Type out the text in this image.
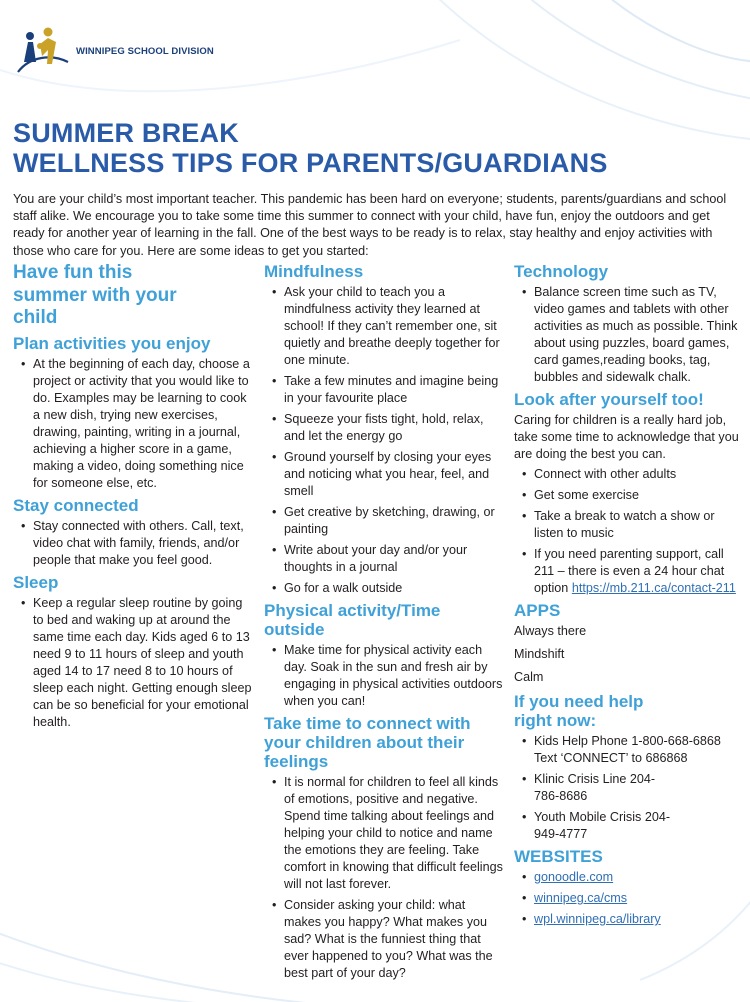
WINNIPEG SCHOOL DIVISION
SUMMER BREAK
WELLNESS TIPS FOR PARENTS/GUARDIANS
You are your child’s most important teacher. This pandemic has been hard on everyone; students, parents/guardians and school staff alike. We encourage you to take some time this summer to connect with your child, have fun, enjoy the outdoors and get ready for another year of learning in the fall. One of the best ways to be ready is to relax, stay healthy and enjoy activities with those who care for you. Here are some ideas to get you started:
Have fun this summer with your child
Plan activities you enjoy
• At the beginning of each day, choose a project or activity that you would like to do. Examples may be learning to cook a new dish, trying new exercises, drawing, painting, writing in a journal, achieving a higher score in a game, making a video, doing something nice for someone else, etc.
Stay connected
• Stay connected with others. Call, text, video chat with family, friends, and/or people that make you feel good.
Sleep
• Keep a regular sleep routine by going to bed and waking up at around the same time each day. Kids aged 6 to 13 need 9 to 11 hours of sleep and youth aged 14 to 17 need 8 to 10 hours of sleep each night. Getting enough sleep can be so beneficial for your emotional health.
Mindfulness
• Ask your child to teach you a mindfulness activity they learned at school! If they can’t remember one, sit quietly and breathe deeply together for one minute.
• Take a few minutes and imagine being in your favourite place
• Squeeze your fists tight, hold, relax, and let the energy go
• Ground yourself by closing your eyes and noticing what you hear, feel, and smell
• Get creative by sketching, drawing, or painting
• Write about your day and/or your thoughts in a journal
• Go for a walk outside
Physical activity/Time outside
• Make time for physical activity each day. Soak in the sun and fresh air by engaging in physical activities outdoors when you can!
Take time to connect with your children about their feelings
• It is normal for children to feel all kinds of emotions, positive and negative. Spend time talking about feelings and helping your child to notice and name the emotions they are feeling. Take comfort in knowing that difficult feelings will not last forever.
• Consider asking your child: what makes you happy? What makes you sad? What is the funniest thing that ever happened to you? What was the best part of your day?
Technology
• Balance screen time such as TV, video games and tablets with other activities as much as possible. Think about using puzzles, board games, card games,reading books, tag, bubbles and sidewalk chalk.
Look after yourself too!

Caring for children is a really hard job, take some time to acknowledge that you are doing the best you can.

• Connect with other adults
• Get some exercise
• Take a break to watch a show or listen to music
• If you need parenting support, call 211 – there is even a 24 hour chat option https://mb.211.ca/contact-211
APPS
Always there
Mindshift
Calm
If you need help right now:
• Kids Help Phone 1-800-668-6868 Text ‘CONNECT’ to 686868
• Klinic Crisis Line 204-786-8686
• Youth Mobile Crisis 204-949-4777
WEBSITES
• gonoodle.com
• winnipeg.ca/cms
• wpl.winnipeg.ca/library
